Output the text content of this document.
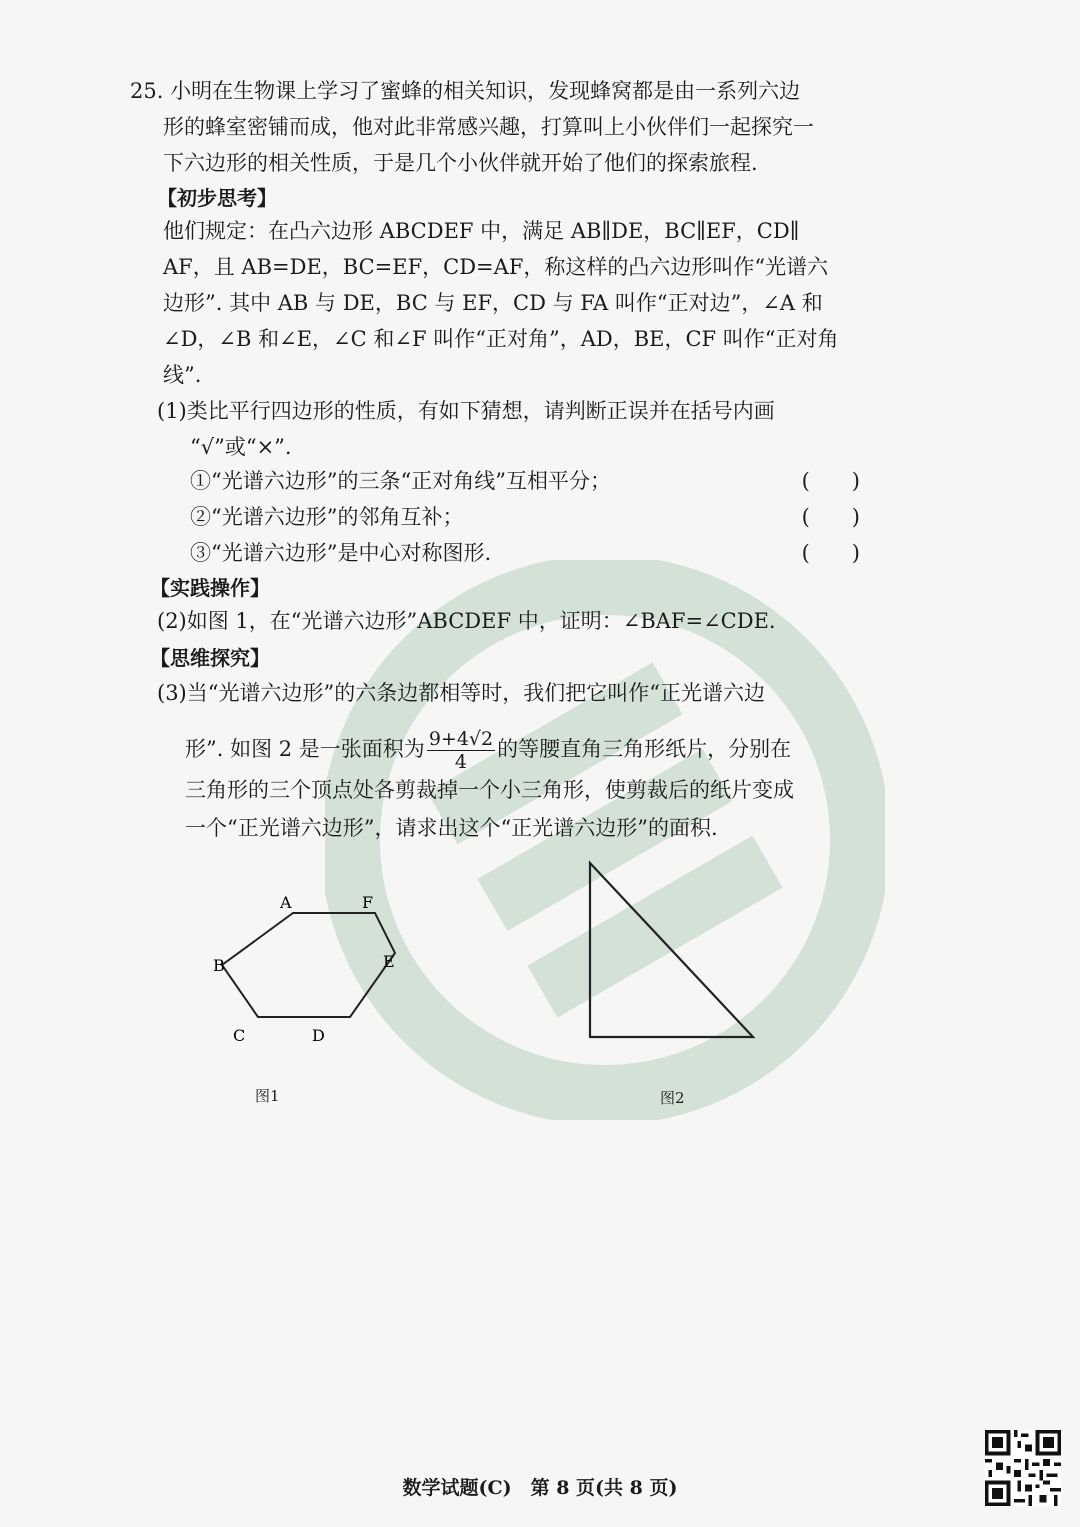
25. 小明在生物课上学习了蜜蜂的相关知识，发现蜂窝都是由一系列六边
形的蜂室密铺而成，他对此非常感兴趣，打算叫上小伙伴们一起探究一
下六边形的相关性质，于是几个小伙伴就开始了他们的探索旅程.
【初步思考】
他们规定：在凸六边形 ABCDEF 中，满足 AB∥DE，BC∥EF，CD∥
AF，且 AB=DE，BC=EF，CD=AF，称这样的凸六边形叫作“光谱六
边形”. 其中 AB 与 DE，BC 与 EF，CD 与 FA 叫作“正对边”，∠A 和
∠D，∠B 和∠E，∠C 和∠F 叫作“正对角”，AD，BE，CF 叫作“正对角
线”.
(1)类比平行四边形的性质，有如下猜想，请判断正误并在括号内画
“√”或“×”.
①“光谱六边形”的三条“正对角线”互相平分；	(　　)
②“光谱六边形”的邻角互补；	(　　)
③“光谱六边形”是中心对称图形.	(　　)
【实践操作】
(2)如图 1，在“光谱六边形”ABCDEF 中，证明：∠BAF=∠CDE.
【思维探究】
(3)当“光谱六边形”的六条边都相等时，我们把它叫作“正光谱六边
形”. 如图 2 是一张面积为 $\frac{9+4√2}{4}$ 的等腰直角三角形纸片，分别在
三角形的三个顶点处各剪裁掉一个小三角形，使剪裁后的纸片变成
一个“正光谱六边形”，请求出这个“正光谱六边形”的面积.
A	F
E
B
C	D
图1	图2
数学试题(C)　第 8 页(共 8 页)
